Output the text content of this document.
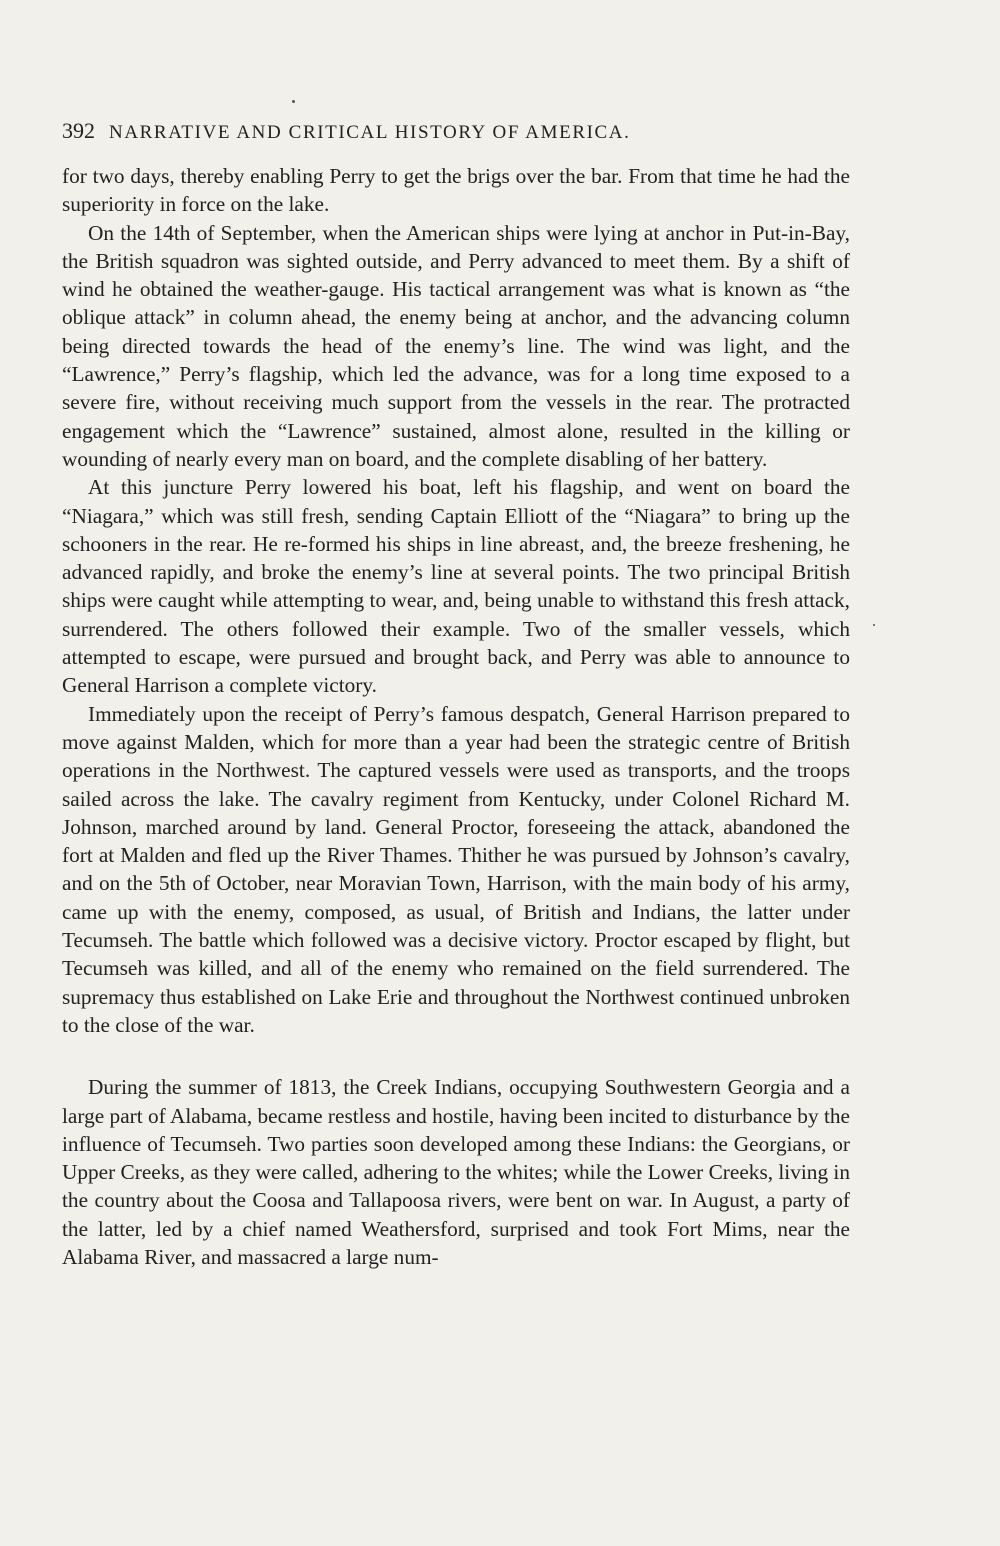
392 NARRATIVE AND CRITICAL HISTORY OF AMERICA.

for two days, thereby enabling Perry to get the brigs over the bar. From that time he had the superiority in force on the lake.

On the 14th of September, when the American ships were lying at anchor in Put-in-Bay, the British squadron was sighted outside, and Perry advanced to meet them. By a shift of wind he obtained the weather-gauge. His tactical arrangement was what is known as “the oblique attack” in column ahead, the enemy being at anchor, and the advancing column being directed towards the head of the enemy’s line. The wind was light, and the “Lawrence,” Perry’s flagship, which led the advance, was for a long time exposed to a severe fire, without receiving much support from the vessels in the rear. The protracted engagement which the “Lawrence” sustained, almost alone, resulted in the killing or wounding of nearly every man on board, and the complete disabling of her battery.

At this juncture Perry lowered his boat, left his flagship, and went on board the “Niagara,” which was still fresh, sending Captain Elliott of the “Niagara” to bring up the schooners in the rear. He re-formed his ships in line abreast, and, the breeze freshening, he advanced rapidly, and broke the enemy’s line at several points. The two principal British ships were caught while attempting to wear, and, being unable to withstand this fresh attack, surrendered. The others followed their example. Two of the smaller vessels, which attempted to escape, were pursued and brought back, and Perry was able to announce to General Harrison a complete victory.

Immediately upon the receipt of Perry’s famous despatch, General Harrison prepared to move against Malden, which for more than a year had been the strategic centre of British operations in the Northwest. The captured vessels were used as transports, and the troops sailed across the lake. The cavalry regiment from Kentucky, under Colonel Richard M. Johnson, marched around by land. General Proctor, foreseeing the attack, abandoned the fort at Malden and fled up the River Thames. Thither he was pursued by Johnson’s cavalry, and on the 5th of October, near Moravian Town, Harrison, with the main body of his army, came up with the enemy, composed, as usual, of British and Indians, the latter under Tecumseh. The battle which followed was a decisive victory. Proctor escaped by flight, but Tecumseh was killed, and all of the enemy who remained on the field surrendered. The supremacy thus established on Lake Erie and throughout the Northwest continued unbroken to the close of the war.

During the summer of 1813, the Creek Indians, occupying Southwestern Georgia and a large part of Alabama, became restless and hostile, having been incited to disturbance by the influence of Tecumseh. Two parties soon developed among these Indians: the Georgians, or Upper Creeks, as they were called, adhering to the whites; while the Lower Creeks, living in the country about the Coosa and Tallapoosa rivers, were bent on war. In August, a party of the latter, led by a chief named Weathersford, surprised and took Fort Mims, near the Alabama River, and massacred a large num-
